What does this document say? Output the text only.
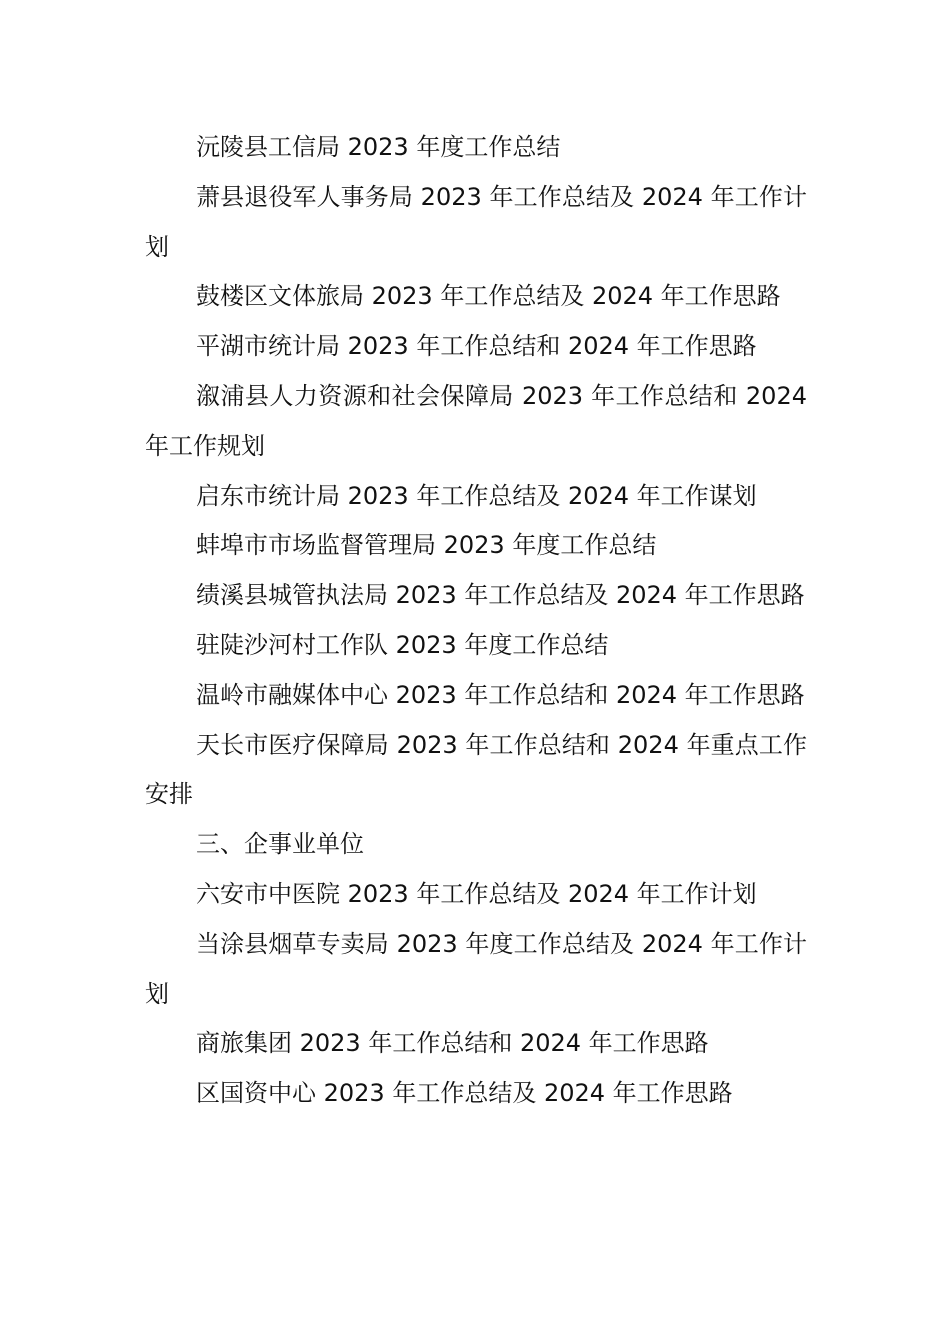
沅陵县工信局 2023 年度工作总结

萧县退役军人事务局 2023 年工作总结及 2024 年工作计划

鼓楼区文体旅局 2023 年工作总结及 2024 年工作思路

平湖市统计局 2023 年工作总结和 2024 年工作思路

溆浦县人力资源和社会保障局 2023 年工作总结和 2024 年工作规划

启东市统计局 2023 年工作总结及 2024 年工作谋划

蚌埠市市场监督管理局 2023 年度工作总结

绩溪县城管执法局 2023 年工作总结及 2024 年工作思路

驻陡沙河村工作队 2023 年度工作总结

温岭市融媒体中心 2023 年工作总结和 2024 年工作思路

天长市医疗保障局 2023 年工作总结和 2024 年重点工作安排

三、企事业单位

六安市中医院 2023 年工作总结及 2024 年工作计划

当涂县烟草专卖局 2023 年度工作总结及 2024 年工作计划

商旅集团 2023 年工作总结和 2024 年工作思路

区国资中心 2023 年工作总结及 2024 年工作思路
